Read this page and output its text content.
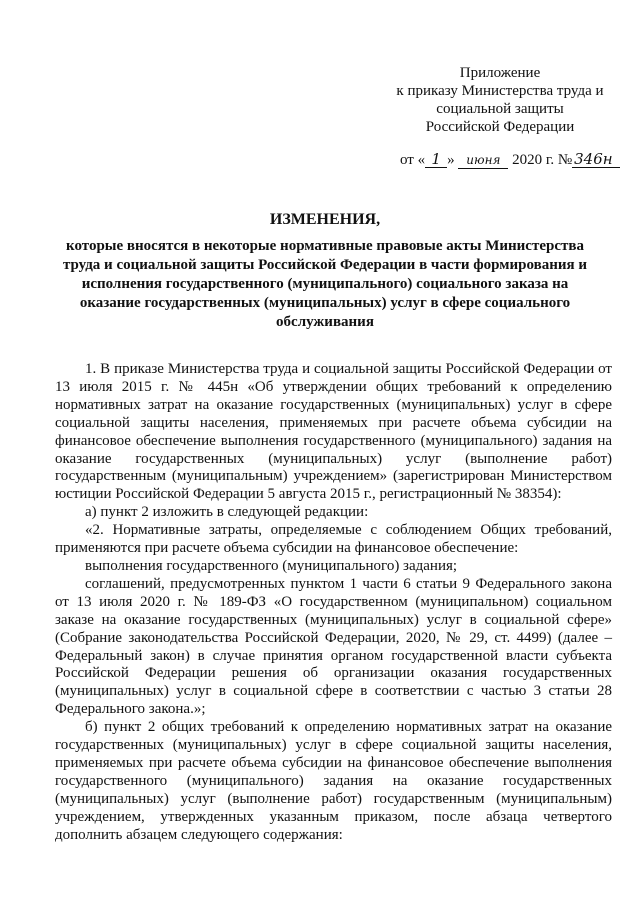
Приложение
к приказу Министерства труда и
социальной защиты
Российской Федерации
от « 1 » июня 2020 г. № 346н
ИЗМЕНЕНИЯ,
которые вносятся в некоторые нормативные правовые акты Министерства
труда и социальной защиты Российской Федерации в части формирования и
исполнения государственного (муниципального) социального заказа на
оказание государственных (муниципальных) услуг в сфере социального
обслуживания

1. В приказе Министерства труда и социальной защиты Российской Федерации от 13 июля 2015 г. № 445н «Об утверждении общих требований к определению нормативных затрат на оказание государственных (муниципальных) услуг в сфере социальной защиты населения, применяемых при расчете объема субсидии на финансовое обеспечение выполнения государственного (муниципального) задания на оказание государственных (муниципальных) услуг (выполнение работ) государственным (муниципальным) учреждением» (зарегистрирован Министерством юстиции Российской Федерации 5 августа 2015 г., регистрационный № 38354):

а) пункт 2 изложить в следующей редакции:

«2. Нормативные затраты, определяемые с соблюдением Общих требований, применяются при расчете объема субсидии на финансовое обеспечение:

выполнения государственного (муниципального) задания;

соглашений, предусмотренных пунктом 1 части 6 статьи 9 Федерального закона от 13 июля 2020 г. № 189-ФЗ «О государственном (муниципальном) социальном заказе на оказание государственных (муниципальных) услуг в социальной сфере» (Собрание законодательства Российской Федерации, 2020, № 29, ст. 4499) (далее – Федеральный закон) в случае принятия органом государственной власти субъекта Российской Федерации решения об организации оказания государственных (муниципальных) услуг в социальной сфере в соответствии с частью 3 статьи 28 Федерального закона.»;

б) пункт 2 общих требований к определению нормативных затрат на оказание государственных (муниципальных) услуг в сфере социальной защиты населения, применяемых при расчете объема субсидии на финансовое обеспечение выполнения государственного (муниципального) задания на оказание государственных (муниципальных) услуг (выполнение работ) государственным (муниципальным) учреждением, утвержденных указанным приказом, после абзаца четвертого дополнить абзацем следующего содержания:
